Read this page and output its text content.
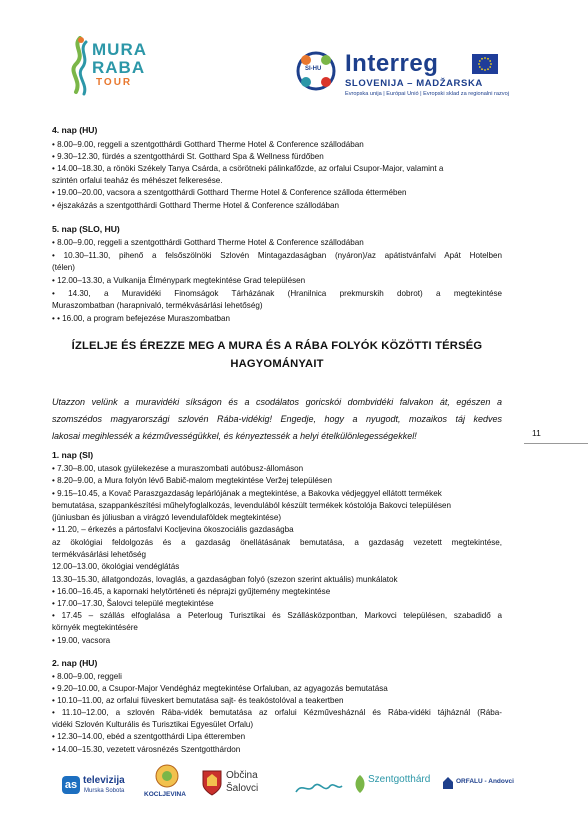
MURA
RABA
TOUR
SI-HU Interreg
SLOVENIJA – MADŽARSKA
Evropska unija | Európai Unió | Evropski sklad za regionalni razvoj
4. nap (HU)
• 8.00–9.00, reggeli a szentgotthárdi Gotthard Therme Hotel & Conference szállodában
• 9.30–12.30, fürdés a szentgotthárdi St. Gotthard Spa & Wellness fürdőben
• 14.00–18.30, a rönöki Székely Tanya Csárda, a csörötneki pálinkafőzde, az orfalui Csupor-Major, valamint a
szintén orfalui teaház és méhészet felkeresése.
• 19.00–20.00, vacsora a szentgotthárdi Gotthard Therme Hotel & Conference szálloda éttermében
• éjszakázás a szentgotthárdi Gotthard Therme Hotel & Conference szállodában
5. nap (SLO, HU)
• 8.00–9.00, reggeli a szentgotthárdi Gotthard Therme Hotel & Conference szállodában
• 10.30–11.30, pihenő a felsőszölnöki Szlovén Mintagazdaságban (nyáron)/az apátistvánfalvi Apát Hotelben
(télen)
• 12.00–13.30, a Vulkanija Élménypark megtekintése Grad településen
• 14.30, a Muravidéki Finomságok Tárházának (Hranilnica prekmurskih dobrot) a megtekintése
Muraszombatban (harapnivaló, termékvásárlási lehetőség)
• • 16.00, a program befejezése Muraszombatban
ÍZLELJE ÉS ÉREZZE MEG A MURA ÉS A RÁBA FOLYÓK KÖZÖTTI TÉRSÉG
HAGYOMÁNYAIT
Utazzon velünk a muravidéki síkságon és a csodálatos goricskói dombvidéki falvakon át, egészen a
szomszédos magyarországi szlovén Rába-vidékig! Engedje, hogy a nyugodt, mozaikos táj kedves
lakosai megihlessék a kézművességükkel, és kényeztessék a helyi ételkülönlegességekkel!	11
1. nap (SI)
• 7.30–8.00, utasok gyülekezése a muraszombati autóbusz-állomáson
• 8.20–9.00, a Mura folyón lévő Babič-malom megtekintése Veržej településen
• 9.15–10.45, a Kovač Paraszgazdaság lepárlójának a megtekintése, a Bakovka védjeggyel ellátott termékek
bemutatása, szappankészítési műhelyfoglalkozás, levendulából készült termékek kóstolója Bakovci településen
(júniusban és júliusban a virágzó levendulaföldek megtekintése)
• 11.20, – érkezés a pártosfalvi Kocljevina ökoszociális gazdaságba
az ökológiai feldolgozás és a gazdaság önellátásának bemutatása, a gazdaság vezetett megtekintése,
termékvásárlási lehetőség
12.00–13.00, ökológiai vendéglátás
13.30–15.30, állatgondozás, lovaglás, a gazdaságban folyó (szezon szerint aktuális) munkálatok
• 16.00–16.45, a kapornaki helytörténeti és néprajzi gyűjtemény megtekintése
• 17.00–17.30, Šalovci települé megtekintése
• 17.45 – szállás elfoglalása a Peterloug Turisztikai és Szállásközpontban, Markovci településen, szabadidő a
környék megtekintésére
• 19.00, vacsora
2. nap (HU)
• 8.00–9.00, reggeli
• 9.20–10.00, a Csupor-Major Vendégház megtekintése Orfaluban, az agyagozás bemutatása
• 10.10–11.00, az orfalui füveskert bemutatása sajt- és teakóstolóval a teakertben
• 11.10–12.00, a szlovén Rába-vidék bemutatása az orfalui Kézművesháznál és Rába-vidéki tájháznál (Rába-
vidéki Szlovén Kulturális és Turisztikai Egyesület Orfalu)
• 12.30–14.00, ebéd a szentgotthárdi Lipa étteremben
• 14.00–15.30, vezetett városnézés Szentgotthárdon
as televizija
Murska Sobota	KOCLJEVINA
Občina
Šalovci
Szentgotthárd	ORFALU - Andovci
